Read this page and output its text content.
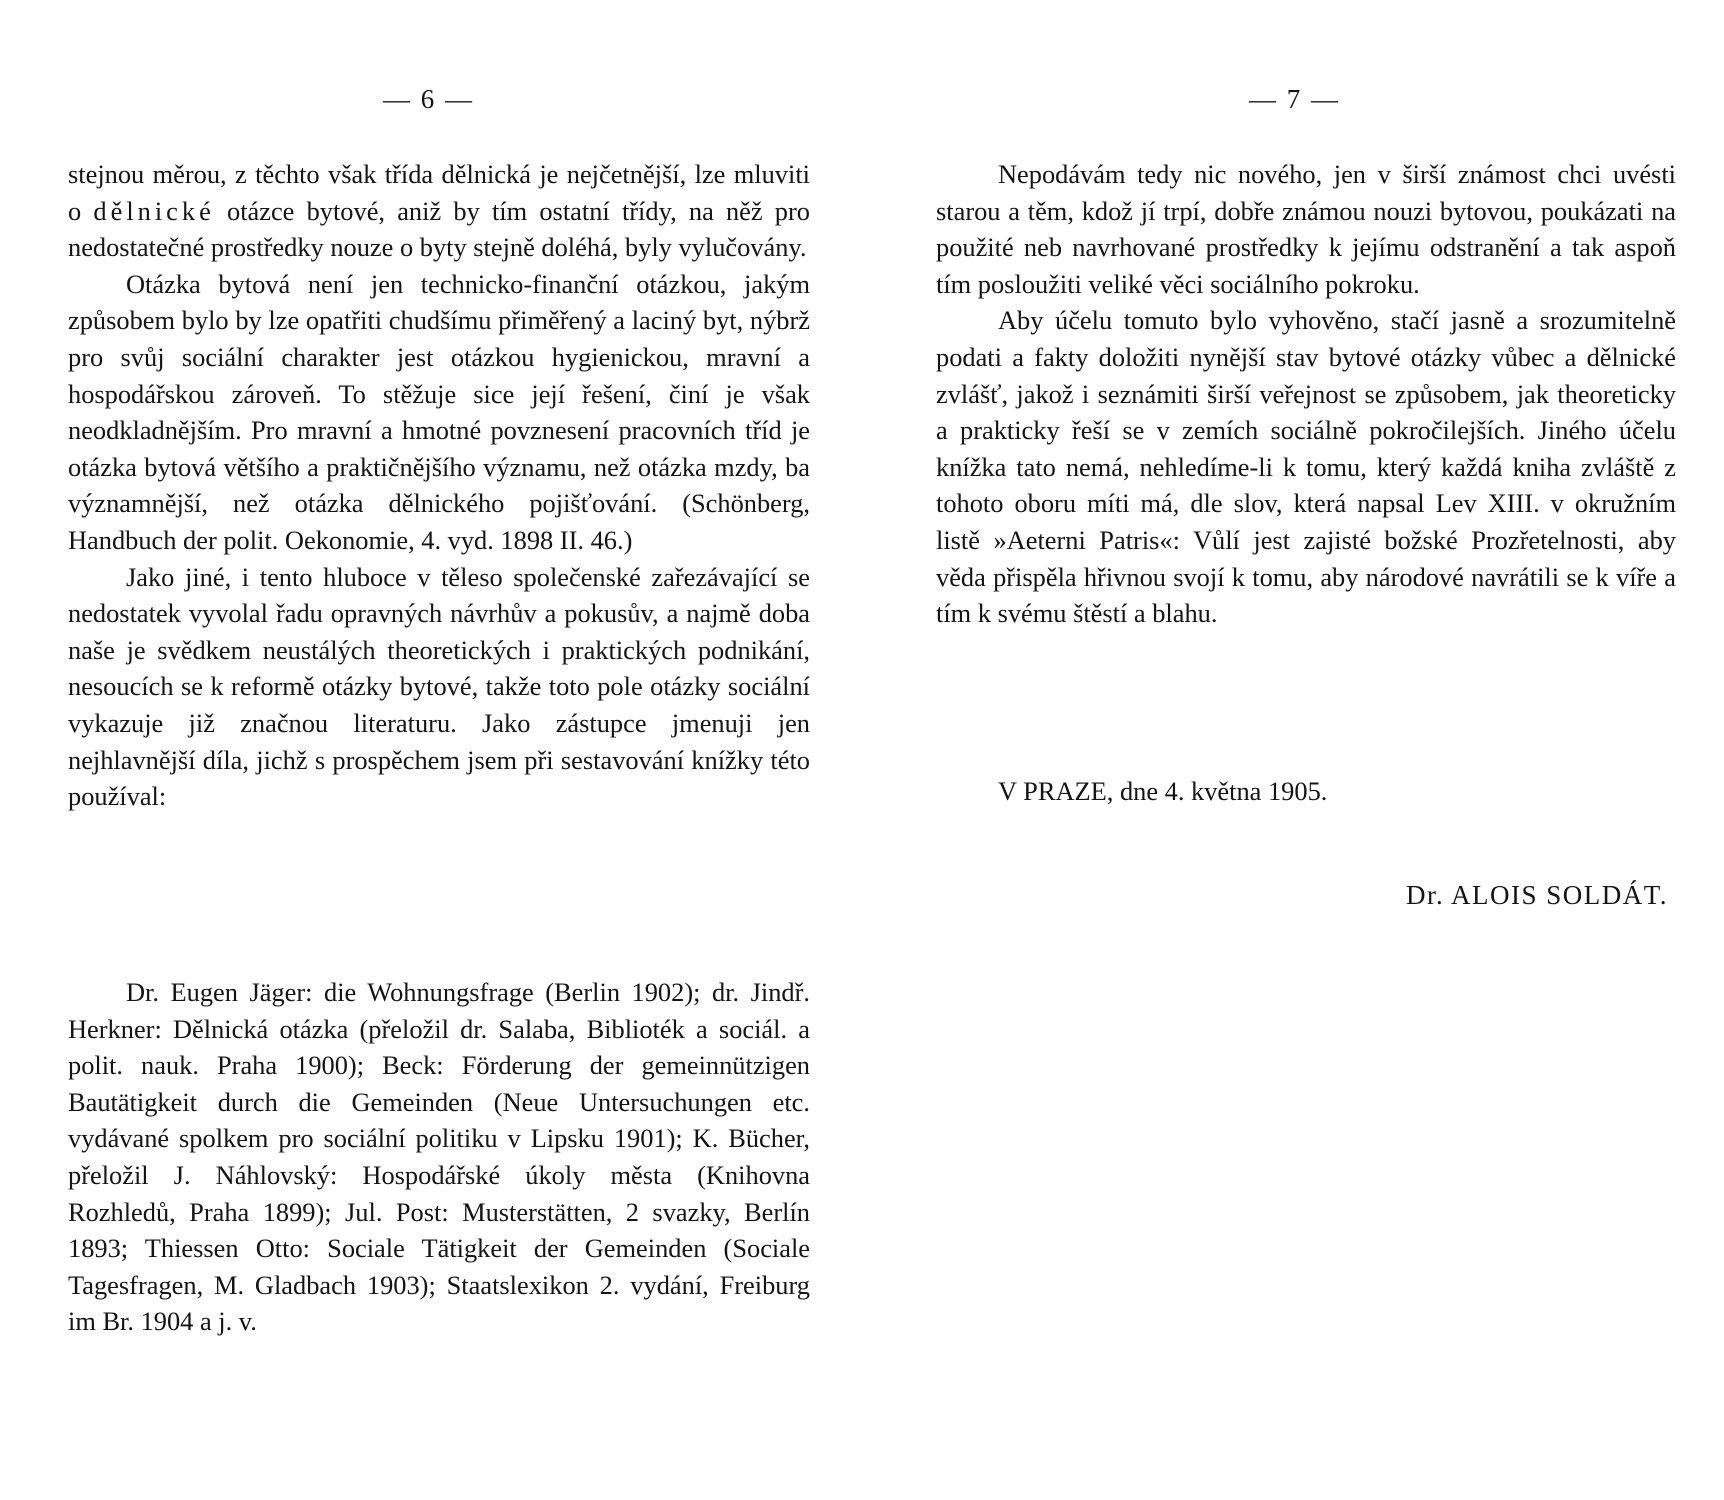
— 6 —

stejnou měrou, z těchto však třída dělnická je nejčetnější, lze mluviti o dělnické otázce bytové, aniž by tím ostatní třídy, na něž pro nedostatečné prostředky nouze o byty stejně doléhá, byly vylučovány.

Otázka bytová není jen technicko-finanční otázkou, jakým způsobem bylo by lze opatřiti chudšímu přiměřený a laciný byt, nýbrž pro svůj sociální charakter jest otázkou hygienickou, mravní a hospodářskou zároveň. To stěžuje sice její řešení, činí je však neodkladnějším. Pro mravní a hmotné povznesení pracovních tříd je otázka bytová většího a praktičnějšího významu, než otázka mzdy, ba významnější, než otázka dělnického pojišťování. (Schönberg, Handbuch der polit. Oekonomie, 4. vyd. 1898 II. 46.)

Jako jiné, i tento hluboce v těleso společenské zařezávající se nedostatek vyvolal řadu opravných návrhův a pokusův, a najmě doba naše je svědkem neustálých theoretických i praktických podnikání, nesoucích se k reformě otázky bytové, takže toto pole otázky sociální vykazuje již značnou literaturu. Jako zástupce jmenuji jen nejhlavnější díla, jichž s prospěchem jsem při sestavování knížky této používal:

Dr. Eugen Jäger: die Wohnungsfrage (Berlin 1902); dr. Jindř. Herkner: Dělnická otázka (přeložil dr. Salaba, Biblioték a sociál. a polit. nauk. Praha 1900); Beck: Förderung der gemeinnützigen Bautätigkeit durch die Gemeinden (Neue Untersuchungen etc. vydávané spolkem pro sociální politiku v Lipsku 1901); K. Bücher, přeložil J. Náhlovský: Hospodářské úkoly města (Knihovna Rozhledů, Praha 1899); Jul. Post: Musterstätten, 2 svazky, Berlín 1893; Thiessen Otto: Sociale Tätigkeit der Gemeinden (Sociale Tagesfragen, M. Gladbach 1903); Staatslexikon 2. vydání, Freiburg im Br. 1904 a j. v.

— 7 —

Nepodávám tedy nic nového, jen v širší známost chci uvésti starou a těm, kdož jí trpí, dobře známou nouzi bytovou, poukázati na použité neb navrhované prostředky k jejímu odstranění a tak aspoň tím posloužiti veliké věci sociálního pokroku.

Aby účelu tomuto bylo vyhověno, stačí jasně a srozumitelně podati a fakty doložiti nynější stav bytové otázky vůbec a dělnické zvlášť, jakož i seznámiti širší veřejnost se způsobem, jak theoreticky a prakticky řeší se v zemích sociálně pokročilejších. Jiného účelu knížka tato nemá, nehledíme-li k tomu, který každá kniha zvláště z tohoto oboru míti má, dle slov, která napsal Lev XIII. v okružním listě »Aeterni Patris«: Vůlí jest zajisté božské Prozřetelnosti, aby věda přispěla hřivnou svojí k tomu, aby národové navrátili se k víře a tím k svému štěstí a blahu.

V PRAZE, dne 4. května 1905.
Dr. ALOIS SOLDÁT.
